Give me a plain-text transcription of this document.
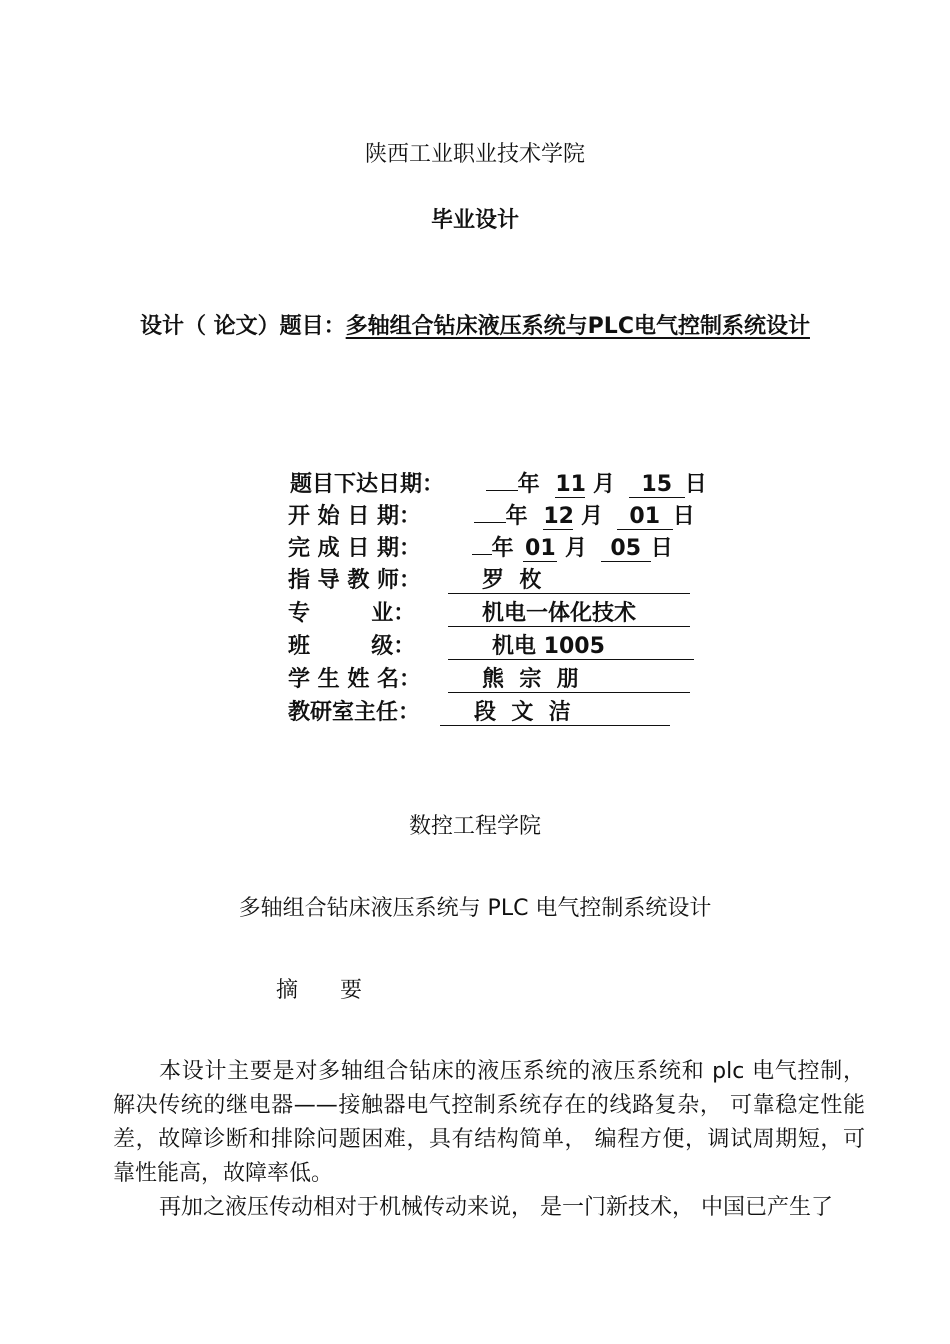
陕西工业职业技术学院
毕业设计
设计（ 论文）题目：多轴组合钻床液压系统与PLC电气控制系统设计
题目下达日期：	年 11 月 15 日
开 始 日 期：	年 12 月 01 日
完 成 日 期：	年 01 月 05 日
指 导 教 师：	罗  枚
专        业：	机电一体化技术
班        级：	机电 1005
学 生 姓 名：	熊  宗  朋
教研室主任： 段  文  洁
数控工程学院
多轴组合钻床液压系统与 PLC 电气控制系统设计
摘      要
本设计主要是对多轴组合钻床的液压系统的液压系统和 plc 电气控制，解决传统的继电器——接触器电气控制系统存在的线路复杂， 可靠稳定性能差，故障诊断和排除问题困难，具有结构简单， 编程方便，调试周期短，可靠性能高，故障率低。
再加之液压传动相对于机械传动来说， 是一门新技术， 中国已产生了
